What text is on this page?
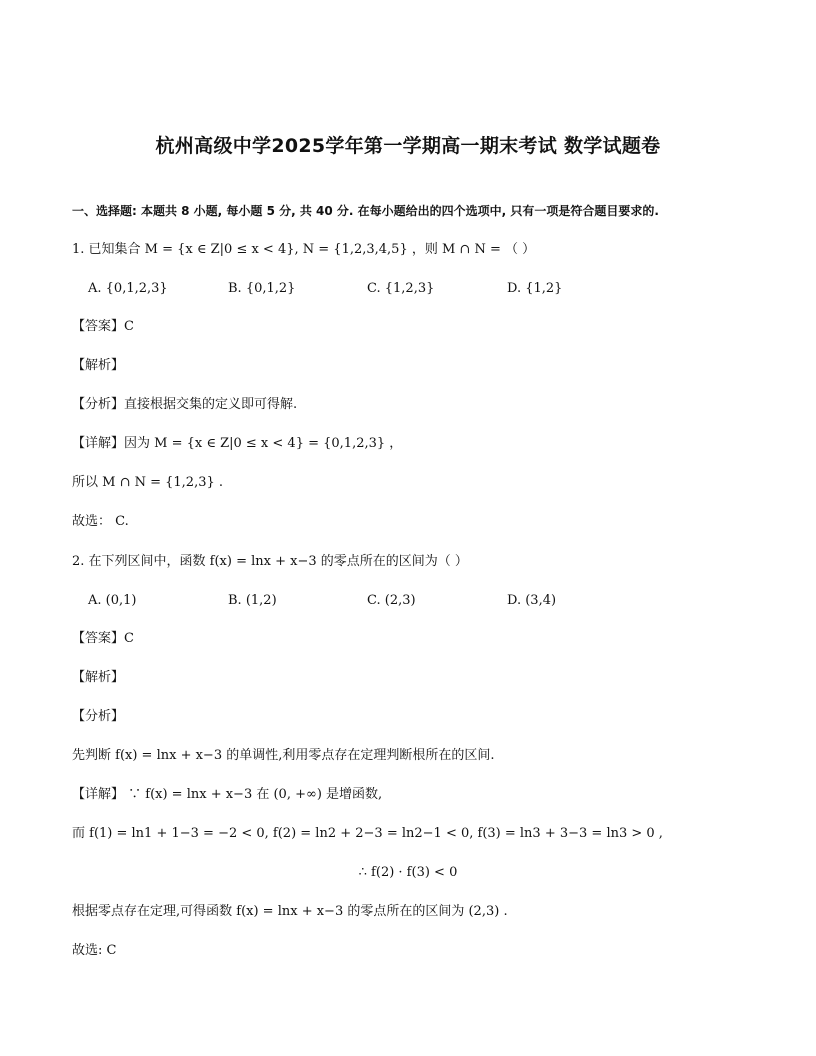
杭州高级中学2025学年第一学期高一期末考试 数学试题卷
一、选择题: 本题共 8 小题, 每小题 5 分, 共 40 分. 在每小题给出的四个选项中, 只有一项是符合题目要求的.
1. 已知集合 M = {x ∈ Z|0 ≤ x < 4}, N = {1,2,3,4,5} ，则 M ∩ N = （ ）
A. {0,1,2,3}	B. {0,1,2}	C. {1,2,3}	D. {1,2}
【答案】C
【解析】
【分析】直接根据交集的定义即可得解.
【详解】因为 M = {x ∈ Z|0 ≤ x < 4} = {0,1,2,3} ，
所以 M ∩ N = {1,2,3} .
故选： C.
2. 在下列区间中，函数 f(x) = lnx + x−3 的零点所在的区间为（ ）
A. (0,1)	B. (1,2)	C. (2,3)	D. (3,4)
【答案】C
【解析】
【分析】
先判断 f(x) = lnx + x−3 的单调性,利用零点存在定理判断根所在的区间.
【详解】 ∵ f(x) = lnx + x−3 在 (0, +∞) 是增函数,
而 f(1) = ln1 + 1−3 = −2 < 0, f(2) = ln2 + 2−3 = ln2−1 < 0, f(3) = ln3 + 3−3 = ln3 > 0 ,
∴ f(2) · f(3) < 0
根据零点存在定理,可得函数 f(x) = lnx + x−3 的零点所在的区间为 (2,3) .
故选: C
